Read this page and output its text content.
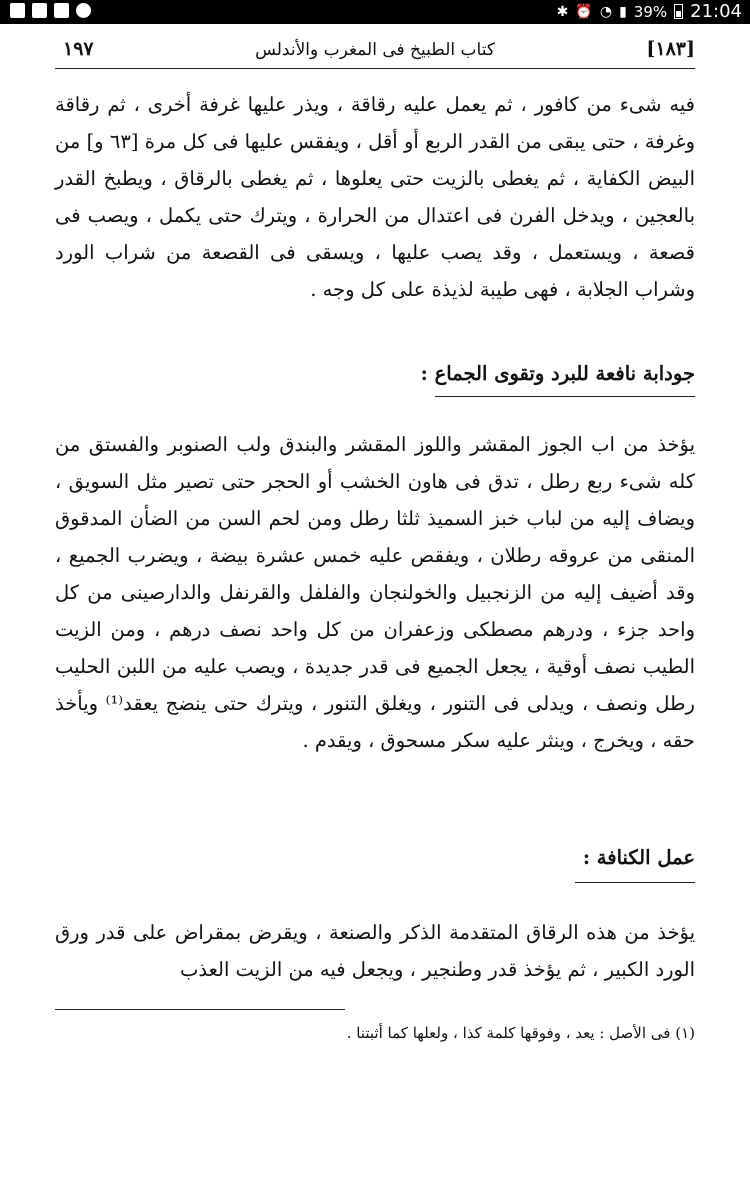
✱ ⏰ ◔ ▮ 39% 21:04
[١٨٣]
كتاب الطبيخ فى المغرب والأندلس
١٩٧

فيه شىء من كافور ، ثم يعمل عليه رقاقة ، ويذر عليها غرفة أخرى ، ثم رقاقة وغرفة ، حتى يبقى من القدر الربع أو أقل ، ويفقس عليها فى كل مرة [٦٣ و] من البيض الكفاية ، ثم يغطى بالزيت حتى يعلوها ، ثم يغطى بالرقاق ، ويطبخ القدر بالعجين ، ويدخل الفرن فى اعتدال من الحرارة ، ويترك حتى يكمل ، ويصب فى قصعة ، ويستعمل ، وقد يصب عليها ، ويسقى فى القصعة من شراب الورد وشراب الجلابة ، فهى طيبة لذيذة على كل وجه .

جودابة نافعة للبرد وتقوى الجماع :

يؤخذ من اب الجوز المقشر واللوز المقشر والبندق ولب الصنوبر والفستق من كله شىء ربع رطل ، تدق فى هاون الخشب أو الحجر حتى تصير مثل السويق ، ويضاف إليه من لباب خبز السميذ ثلثا رطل ومن لحم السن من الضأن المدقوق المنقى من عروقه رطلان ، ويفقص عليه خمس عشرة بيضة ، ويضرب الجميع ، وقد أضيف إليه من الزنجبيل والخولنجان والفلفل والقرنفل والدارصينى من كل واحد جزء ، ودرهم مصطكى وزعفران من كل واحد نصف درهم ، ومن الزيت الطيب نصف أوقية ، يجعل الجميع فى قدر جديدة ، ويصب عليه من اللبن الحليب رطل ونصف ، ويدلى فى التنور ، ويغلق التنور ، ويترك حتى ينضج يعقد⁽¹⁾ ويأخذ حقه ، ويخرج ، وينثر عليه سكر مسحوق ، ويقدم .

عمل الكنافة :

يؤخذ من هذه الرقاق المتقدمة الذكر والصنعة ، ويقرض بمقراض على قدر ورق الورد الكبير ، ثم يؤخذ قدر وطنجير ، ويجعل فيه من الزيت العذب

(١) فى الأصل : يعد ، وفوقها كلمة كذا ، ولعلها كما أثبتنا .
